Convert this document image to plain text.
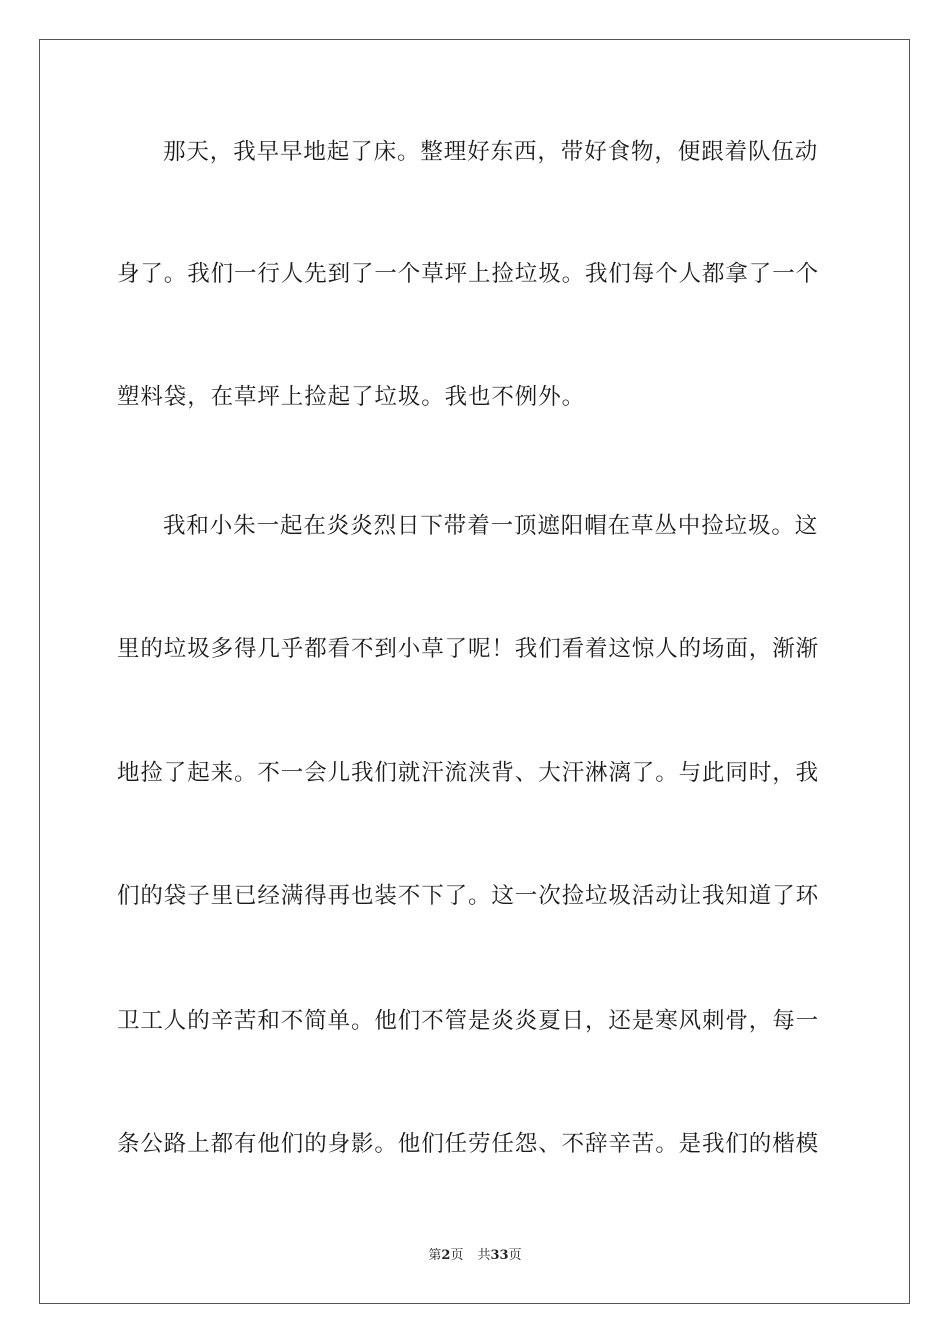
那天，我早早地起了床。整理好东西，带好食物，便跟着队伍动
身了。我们一行人先到了一个草坪上捡垃圾。我们每个人都拿了一个
塑料袋，在草坪上捡起了垃圾。我也不例外。
我和小朱一起在炎炎烈日下带着一顶遮阳帽在草丛中捡垃圾。这
里的垃圾多得几乎都看不到小草了呢！我们看着这惊人的场面，渐渐
地捡了起来。不一会儿我们就汗流浃背、大汗淋漓了。与此同时，我
们的袋子里已经满得再也装不下了。这一次捡垃圾活动让我知道了环
卫工人的辛苦和不简单。他们不管是炎炎夏日，还是寒风刺骨，每一
条公路上都有他们的身影。他们任劳任怨、不辞辛苦。是我们的楷模
第2页 共33页
